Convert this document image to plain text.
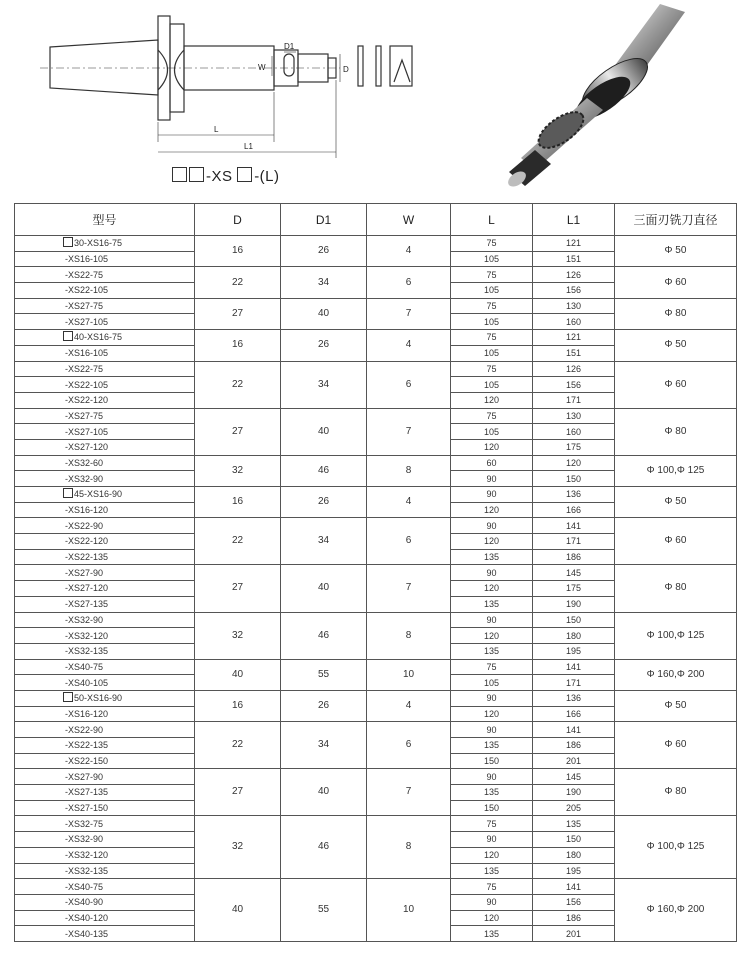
W
D1
D
L
L1
-XS -(L)
型号	D	D1	W	L	L1	三面刃铣刀直径
30-XS16-75	16	26	4	75	121	Φ 50
-XS16-105				105	151	
-XS22-75	22	34	6	75	126	Φ 60
-XS22-105				105	156	
-XS27-75	27	40	7	75	130	Φ 80
-XS27-105				105	160	
40-XS16-75	16	26	4	75	121	Φ 50
-XS16-105				105	151	
-XS22-75	22	34	6	75	126	Φ 60
-XS22-105				105	156	
-XS22-120				120	171	
-XS27-75	27	40	7	75	130	Φ 80
-XS27-105				105	160	
-XS27-120				120	175	
-XS32-60	32	46	8	60	120	Φ 100,Φ 125
-XS32-90				90	150	
45-XS16-90	16	26	4	90	136	Φ 50
-XS16-120				120	166	
-XS22-90	22	34	6	90	141	Φ 60
-XS22-120				120	171	
-XS22-135				135	186	
-XS27-90	27	40	7	90	145	Φ 80
-XS27-120				120	175	
-XS27-135				135	190	
-XS32-90	32	46	8	90	150	Φ 100,Φ 125
-XS32-120				120	180	
-XS32-135				135	195	
-XS40-75	40	55	10	75	141	Φ 160,Φ 200
-XS40-105				105	171	
50-XS16-90	16	26	4	90	136	Φ 50
-XS16-120				120	166	
-XS22-90	22	34	6	90	141	Φ 60
-XS22-135				135	186	
-XS22-150				150	201	
-XS27-90	27	40	7	90	145	Φ 80
-XS27-135				135	190	
-XS27-150				150	205	
-XS32-75	32	46	8	75	135	Φ 100,Φ 125
-XS32-90				90	150	
-XS32-120				120	180	
-XS32-135				135	195	
-XS40-75	40	55	10	75	141	Φ 160,Φ 200
-XS40-90				90	156	
-XS40-120				120	186	
-XS40-135				135	201	
